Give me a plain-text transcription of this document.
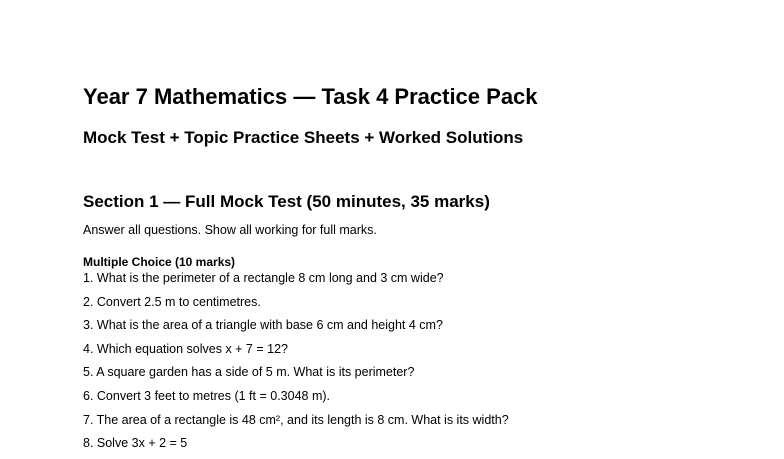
Year 7 Mathematics — Task 4 Practice Pack
Mock Test + Topic Practice Sheets + Worked Solutions
Section 1 — Full Mock Test (50 minutes, 35 marks)

Answer all questions. Show all working for full marks.

Multiple Choice (10 marks)

1. What is the perimeter of a rectangle 8 cm long and 3 cm wide?
2. Convert 2.5 m to centimetres.
3. What is the area of a triangle with base 6 cm and height 4 cm?
4. Which equation solves x + 7 = 12?
5. A square garden has a side of 5 m. What is its perimeter?
6. Convert 3 feet to metres (1 ft = 0.3048 m).
7. The area of a rectangle is 48 cm², and its length is 8 cm. What is its width?
8. Solve 3x + 2 = 5
